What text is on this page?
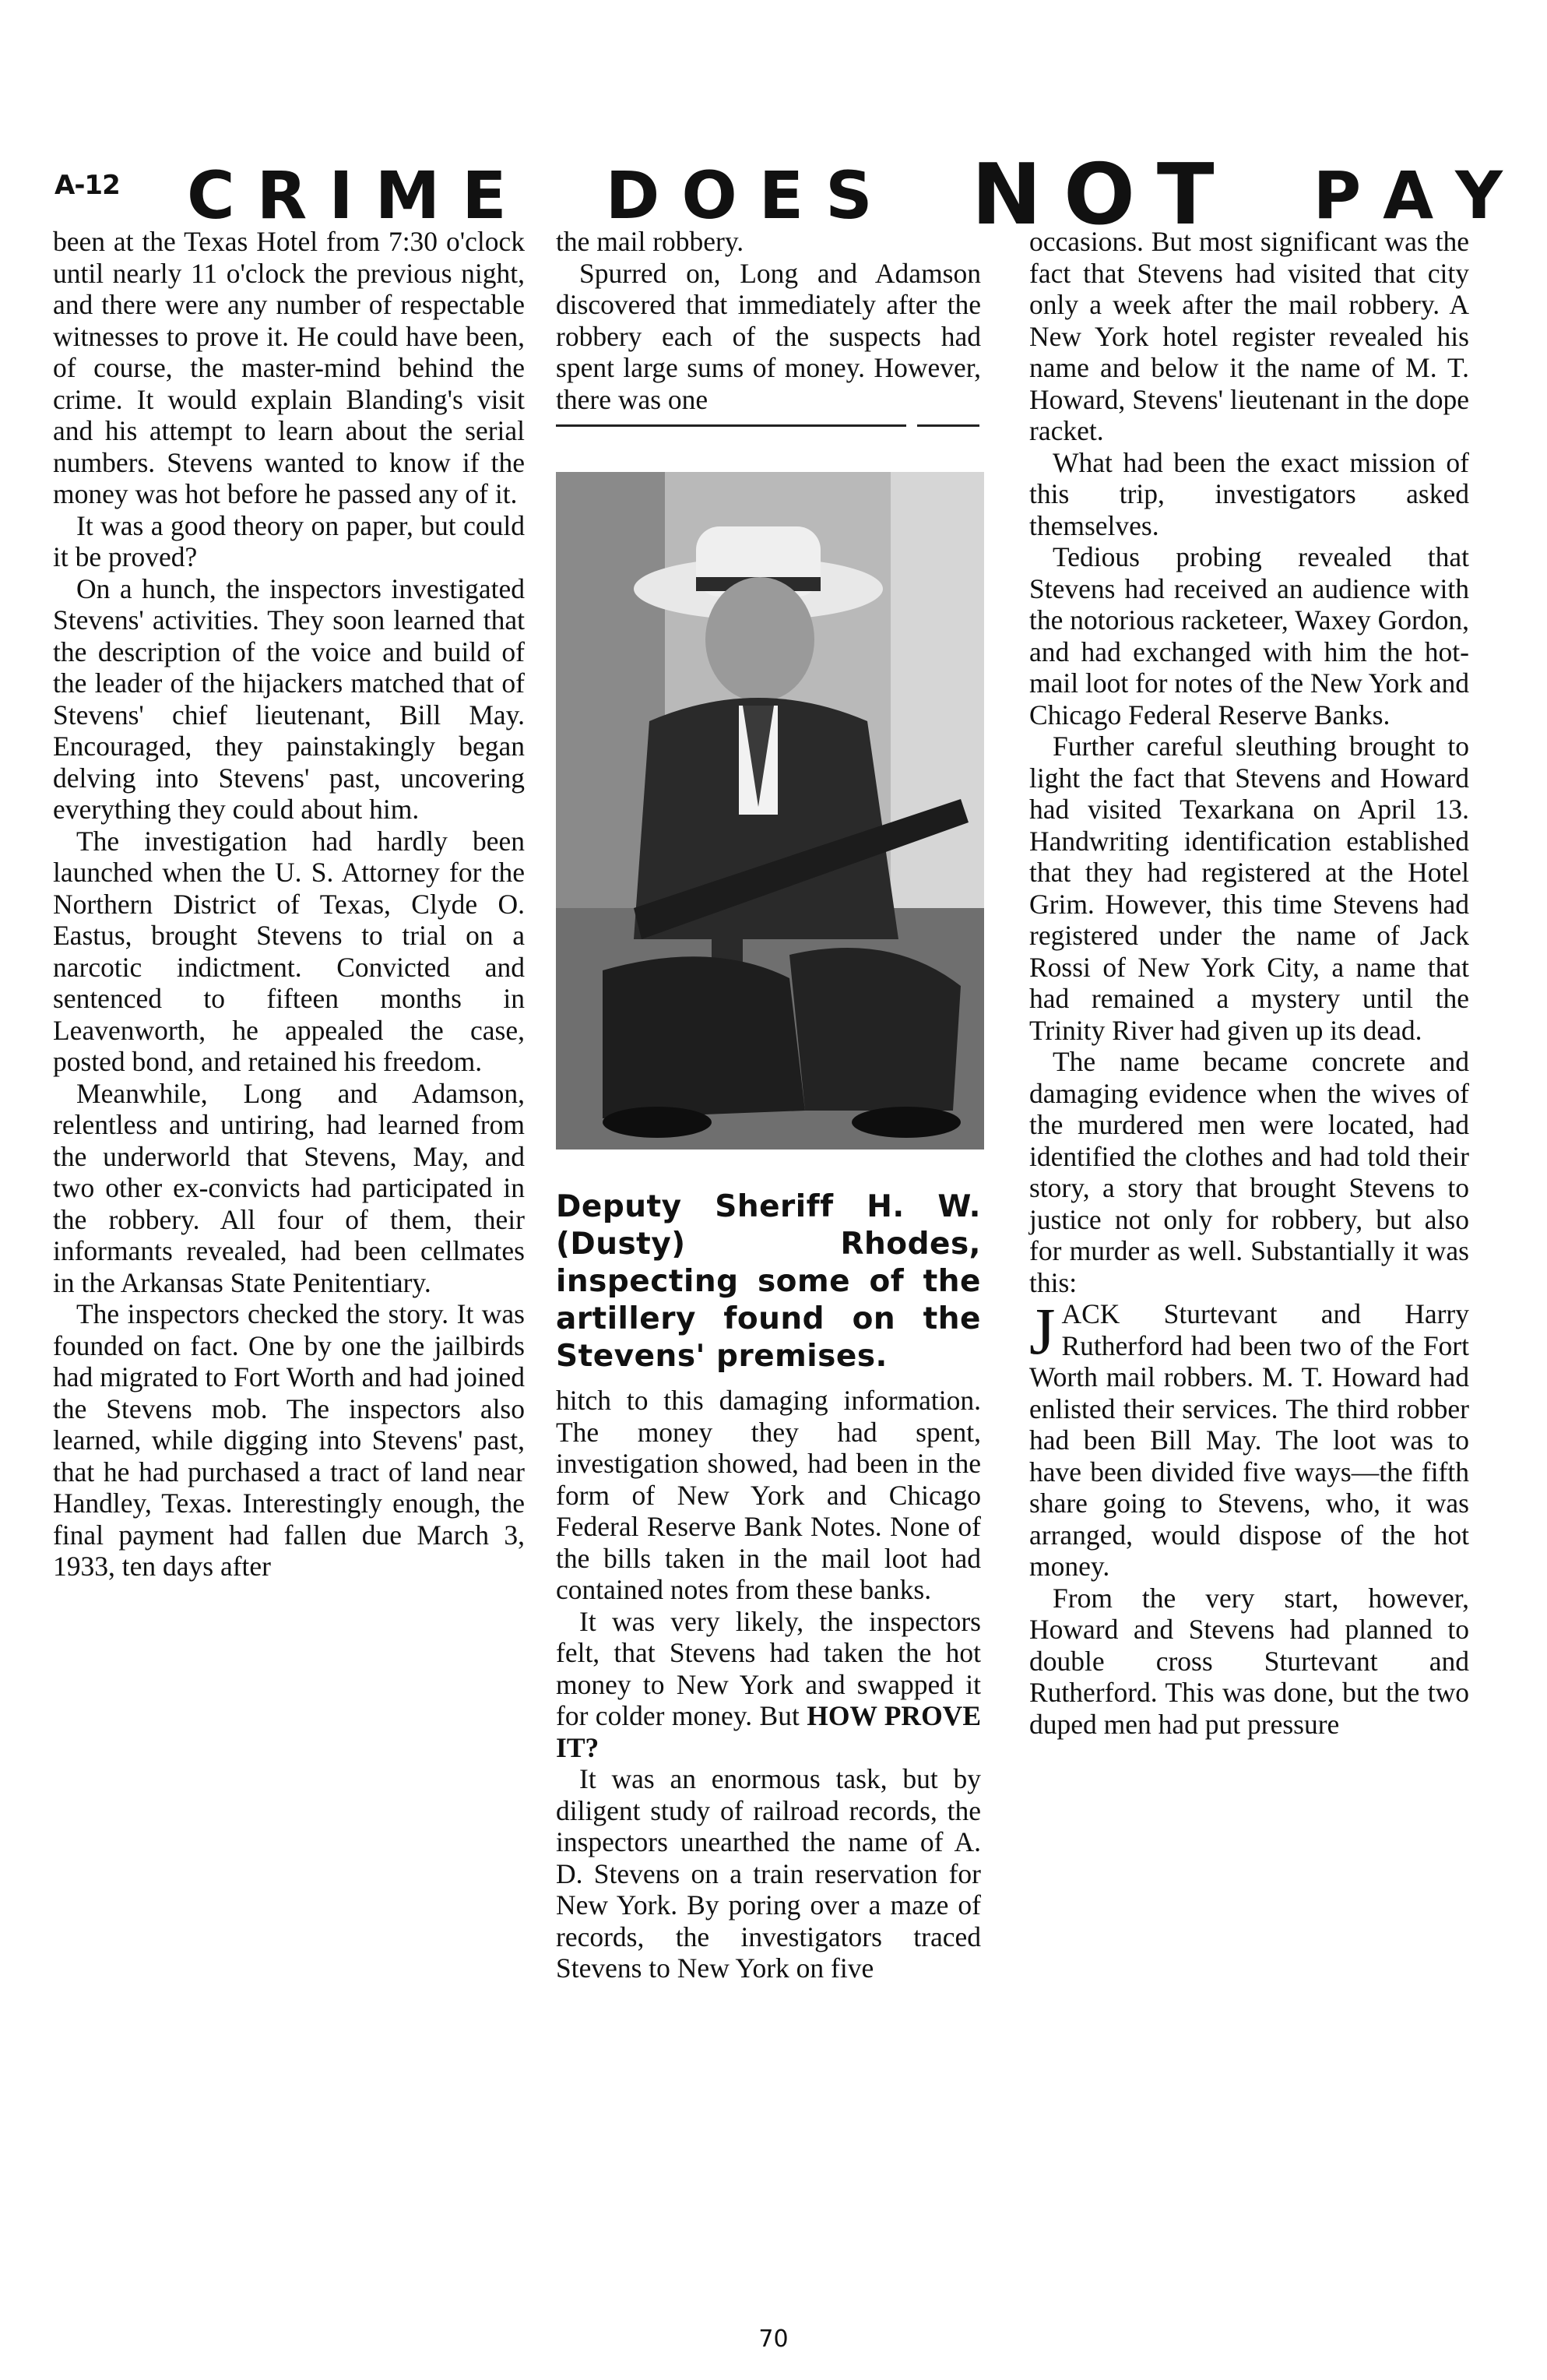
A-12 C R I M E D O E S N O T P A Y

been at the Texas Hotel from 7:30 o'clock until nearly 11 o'clock the previous night, and there were any number of respectable witnesses to prove it. He could have been, of course, the master-mind behind the crime. It would explain Blanding's visit and his attempt to learn about the serial numbers. Stevens wanted to know if the money was hot before he passed any of it.

It was a good theory on paper, but could it be proved?

On a hunch, the inspectors investigated Stevens' activities. They soon learned that the description of the voice and build of the leader of the hijackers matched that of Stevens' chief lieutenant, Bill May. Encouraged, they painstakingly began delving into Stevens' past, uncovering everything they could about him.

The investigation had hardly been launched when the U. S. Attorney for the Northern District of Texas, Clyde O. Eastus, brought Stevens to trial on a narcotic indictment. Convicted and sentenced to fifteen months in Leavenworth, he appealed the case, posted bond, and retained his freedom.

Meanwhile, Long and Adamson, relentless and untiring, had learned from the underworld that Stevens, May, and two other ex-convicts had participated in the robbery. All four of them, their informants revealed, had been cellmates in the Arkansas State Penitentiary.

The inspectors checked the story. It was founded on fact. One by one the jailbirds had migrated to Fort Worth and had joined the Stevens mob. The inspectors also learned, while digging into Stevens' past, that he had purchased a tract of land near Handley, Texas. Interestingly enough, the final payment had fallen due March 3, 1933, ten days after

the mail robbery.

Spurred on, Long and Adamson discovered that immediately after the robbery each of the suspects had spent large sums of money. However, there was one

Deputy Sheriff H. W. (Dusty) Rhodes, inspecting some of the artillery found on the Stevens' premises.

hitch to this damaging information. The money they had spent, investigation showed, had been in the form of New York and Chicago Federal Reserve Bank Notes. None of the bills taken in the mail loot had contained notes from these banks.

It was very likely, the inspectors felt, that Stevens had taken the hot money to New York and swapped it for colder money. But HOW PROVE IT?

It was an enormous task, but by diligent study of railroad records, the inspectors unearthed the name of A. D. Stevens on a train reservation for New York. By poring over a maze of records, the investigators traced Stevens to New York on five

occasions. But most significant was the fact that Stevens had visited that city only a week after the mail robbery. A New York hotel register revealed his name and below it the name of M. T. Howard, Stevens' lieutenant in the dope racket.

What had been the exact mission of this trip, investigators asked themselves.

Tedious probing revealed that Stevens had received an audience with the notorious racketeer, Waxey Gordon, and had exchanged with him the hot-mail loot for notes of the New York and Chicago Federal Reserve Banks.

Further careful sleuthing brought to light the fact that Stevens and Howard had visited Texarkana on April 13. Handwriting identification established that they had registered at the Hotel Grim. However, this time Stevens had registered under the name of Jack Rossi of New York City, a name that had remained a mystery until the Trinity River had given up its dead.

The name became concrete and damaging evidence when the wives of the murdered men were located, had identified the clothes and had told their story, a story that brought Stevens to justice not only for robbery, but also for murder as well. Substantially it was this:

JACK Sturtevant and Harry Rutherford had been two of the Fort Worth mail robbers. M. T. Howard had enlisted their services. The third robber had been Bill May. The loot was to have been divided five ways—the fifth share going to Stevens, who, it was arranged, would dispose of the hot money.

From the very start, however, Howard and Stevens had planned to double cross Sturtevant and Rutherford. This was done, but the two duped men had put pressure

70
